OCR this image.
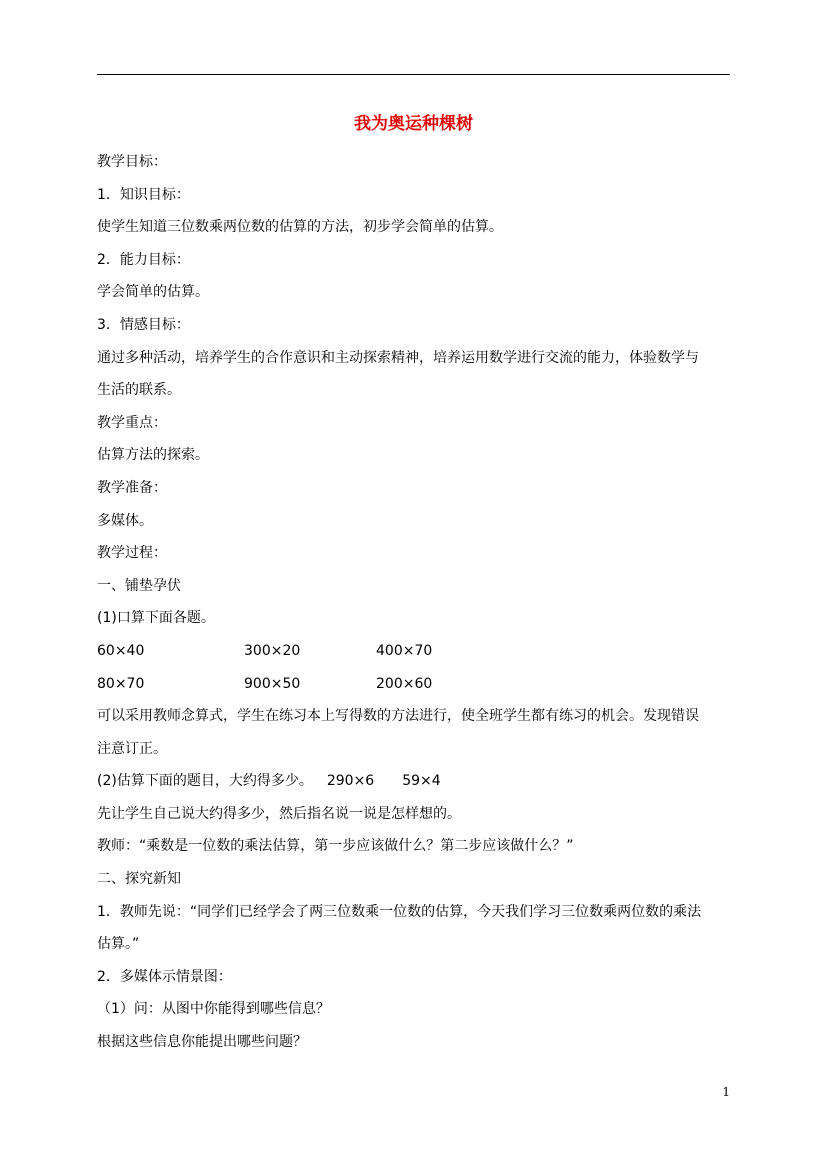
我为奥运种棵树
教学目标：
1．知识目标：
使学生知道三位数乘两位数的估算的方法，初步学会简单的估算。
2．能力目标：
学会简单的估算。
3．情感目标：
通过多种活动，培养学生的合作意识和主动探索精神，培养运用数学进行交流的能力，体验数学与
生活的联系。
教学重点：
估算方法的探索。
教学准备：
多媒体。
教学过程：
一、铺垫孕伏
(1)口算下面各题。
60×40	300×20	400×70
80×70	900×50	200×60
可以采用教师念算式，学生在练习本上写得数的方法进行，使全班学生都有练习的机会。发现错误
注意订正。
(2)估算下面的题目，大约得多少。 290×6 59×4
先让学生自己说大约得多少，然后指名说一说是怎样想的。
教师：“乘数是一位数的乘法估算，第一步应该做什么？第二步应该做什么？”
二、探究新知
1．教师先说：“同学们已经学会了两三位数乘一位数的估算，今天我们学习三位数乘两位数的乘法
估算。”
2．多媒体示情景图：
（1）问：从图中你能得到哪些信息？
根据这些信息你能提出哪些问题？
1
